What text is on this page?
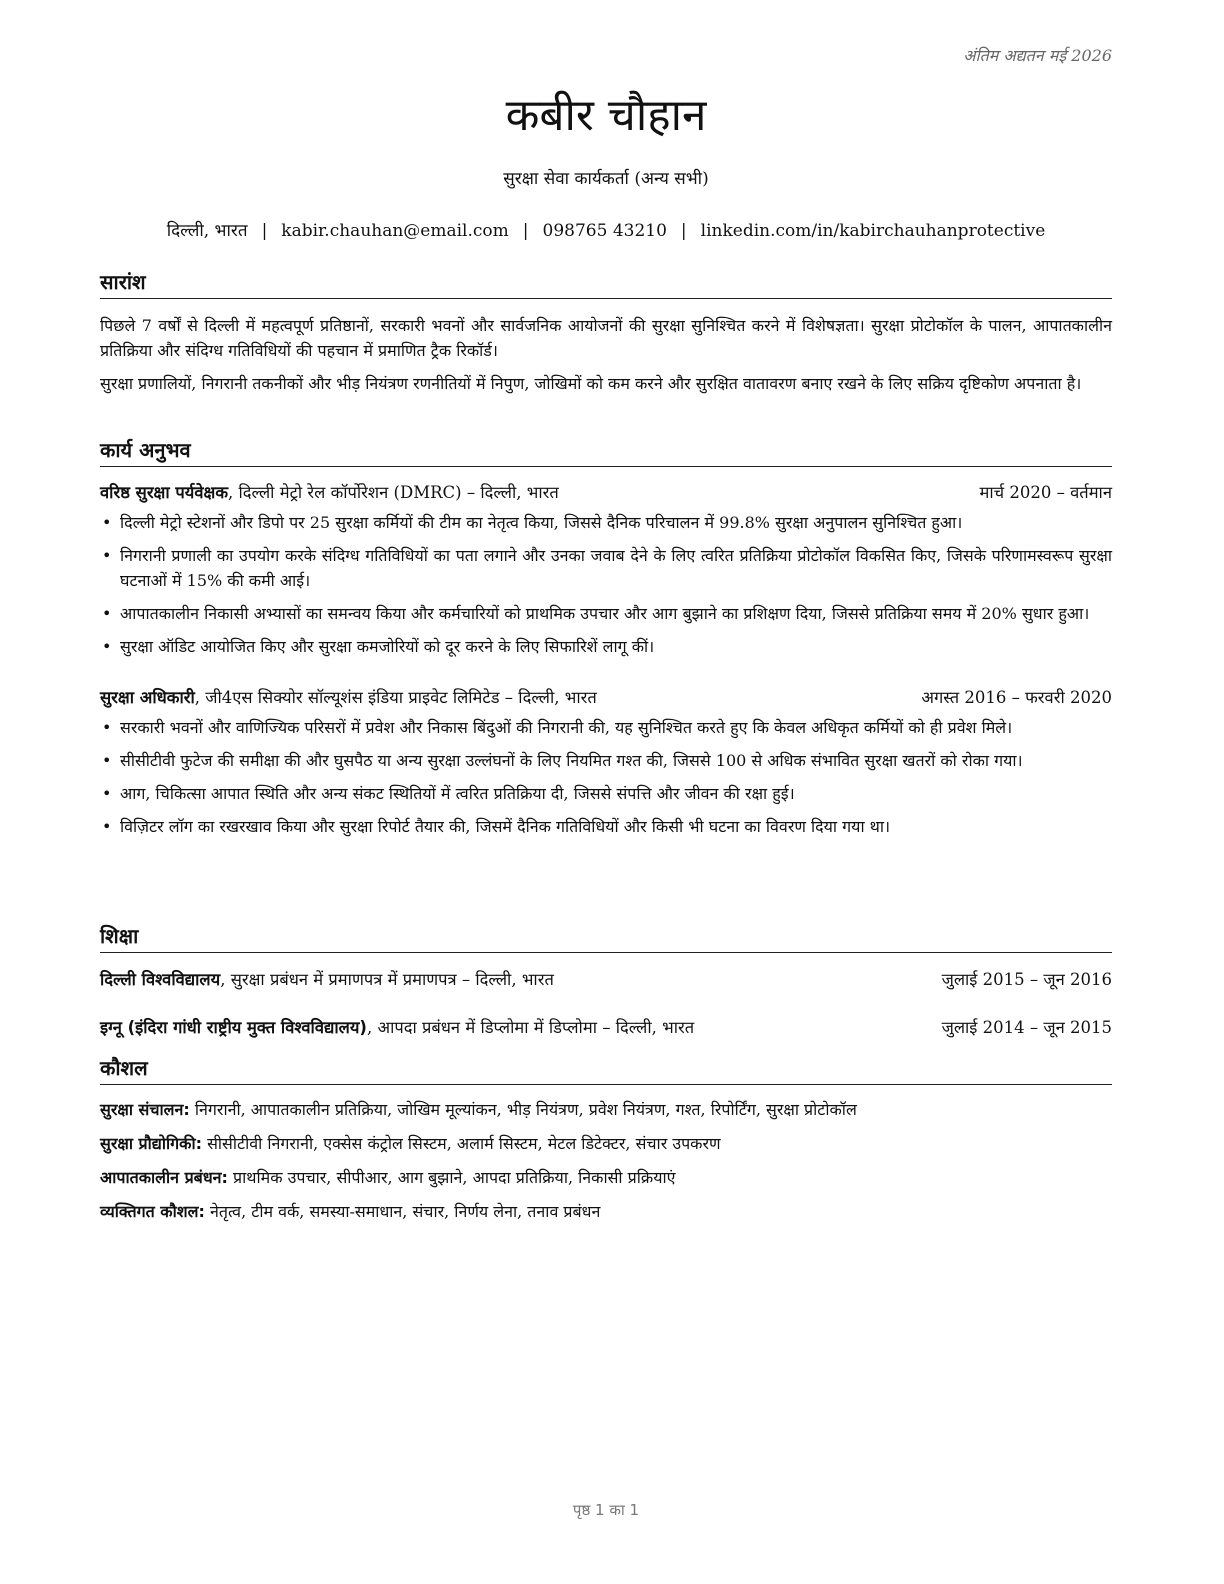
अंतिम अद्यतन मई 2026
कबीर चौहान
सुरक्षा सेवा कार्यकर्ता (अन्य सभी)
दिल्ली, भारत | kabir.chauhan@email.com | 098765 43210 | linkedin.com/in/kabirchauhanprotective
सारांश

पिछले 7 वर्षों से दिल्ली में महत्वपूर्ण प्रतिष्ठानों, सरकारी भवनों और सार्वजनिक आयोजनों की सुरक्षा सुनिश्चित करने में विशेषज्ञता। सुरक्षा प्रोटोकॉल के पालन, आपातकालीन प्रतिक्रिया और संदिग्ध गतिविधियों की पहचान में प्रमाणित ट्रैक रिकॉर्ड।

सुरक्षा प्रणालियों, निगरानी तकनीकों और भीड़ नियंत्रण रणनीतियों में निपुण, जोखिमों को कम करने और सुरक्षित वातावरण बनाए रखने के लिए सक्रिय दृष्टिकोण अपनाता है।

कार्य अनुभव
वरिष्ठ सुरक्षा पर्यवेक्षक, दिल्ली मेट्रो रेल कॉर्पोरेशन (DMRC) – दिल्ली, भारत	मार्च 2020 – वर्तमान
• दिल्ली मेट्रो स्टेशनों और डिपो पर 25 सुरक्षा कर्मियों की टीम का नेतृत्व किया, जिससे दैनिक परिचालन में 99.8% सुरक्षा अनुपालन सुनिश्चित हुआ।
• निगरानी प्रणाली का उपयोग करके संदिग्ध गतिविधियों का पता लगाने और उनका जवाब देने के लिए त्वरित प्रतिक्रिया प्रोटोकॉल विकसित किए, जिसके परिणामस्वरूप सुरक्षा घटनाओं में 15% की कमी आई।
• आपातकालीन निकासी अभ्यासों का समन्वय किया और कर्मचारियों को प्राथमिक उपचार और आग बुझाने का प्रशिक्षण दिया, जिससे प्रतिक्रिया समय में 20% सुधार हुआ।
• सुरक्षा ऑडिट आयोजित किए और सुरक्षा कमजोरियों को दूर करने के लिए सिफारिशें लागू कीं।
सुरक्षा अधिकारी, जी4एस सिक्योर सॉल्यूशंस इंडिया प्राइवेट लिमिटेड – दिल्ली, भारत	अगस्त 2016 – फरवरी 2020
• सरकारी भवनों और वाणिज्यिक परिसरों में प्रवेश और निकास बिंदुओं की निगरानी की, यह सुनिश्चित करते हुए कि केवल अधिकृत कर्मियों को ही प्रवेश मिले।
• सीसीटीवी फुटेज की समीक्षा की और घुसपैठ या अन्य सुरक्षा उल्लंघनों के लिए नियमित गश्त की, जिससे 100 से अधिक संभावित सुरक्षा खतरों को रोका गया।
• आग, चिकित्सा आपात स्थिति और अन्य संकट स्थितियों में त्वरित प्रतिक्रिया दी, जिससे संपत्ति और जीवन की रक्षा हुई।
• विज़िटर लॉग का रखरखाव किया और सुरक्षा रिपोर्ट तैयार की, जिसमें दैनिक गतिविधियों और किसी भी घटना का विवरण दिया गया था।
शिक्षा
दिल्ली विश्वविद्यालय, सुरक्षा प्रबंधन में प्रमाणपत्र में प्रमाणपत्र – दिल्ली, भारत	जुलाई 2015 – जून 2016
इग्नू (इंदिरा गांधी राष्ट्रीय मुक्त विश्वविद्यालय), आपदा प्रबंधन में डिप्लोमा में डिप्लोमा – दिल्ली, भारत	जुलाई 2014 – जून 2015
कौशल
सुरक्षा संचालन: निगरानी, आपातकालीन प्रतिक्रिया, जोखिम मूल्यांकन, भीड़ नियंत्रण, प्रवेश नियंत्रण, गश्त, रिपोर्टिंग, सुरक्षा प्रोटोकॉल
सुरक्षा प्रौद्योगिकी: सीसीटीवी निगरानी, एक्सेस कंट्रोल सिस्टम, अलार्म सिस्टम, मेटल डिटेक्टर, संचार उपकरण
आपातकालीन प्रबंधन: प्राथमिक उपचार, सीपीआर, आग बुझाने, आपदा प्रतिक्रिया, निकासी प्रक्रियाएं
व्यक्तिगत कौशल: नेतृत्व, टीम वर्क, समस्या-समाधान, संचार, निर्णय लेना, तनाव प्रबंधन
पृष्ठ 1 का 1
